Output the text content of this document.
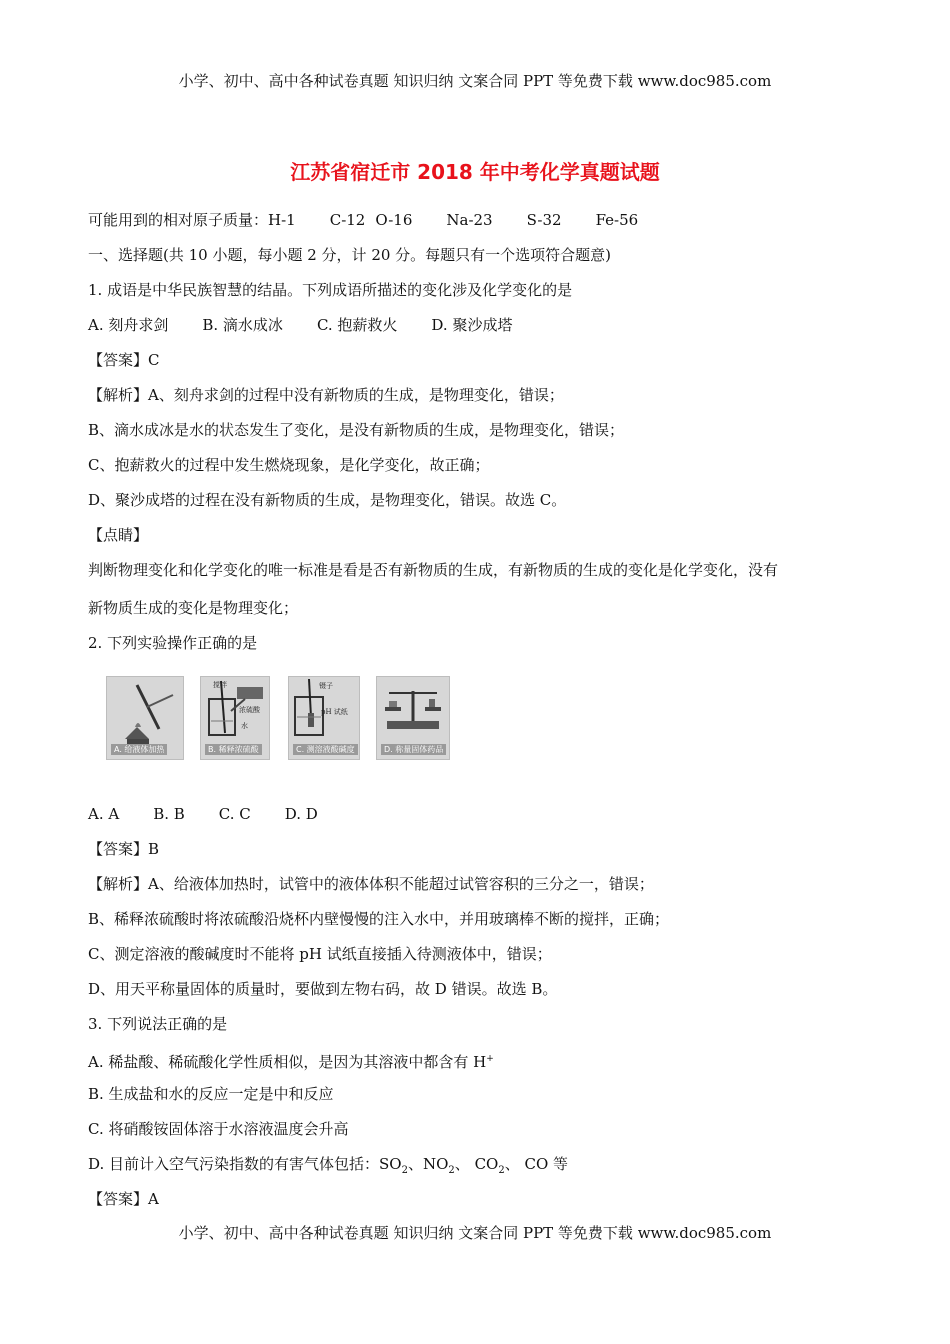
小学、初中、高中各种试卷真题 知识归纳 文案合同 PPT 等免费下载 www.doc985.com
江苏省宿迁市 2018 年中考化学真题试题
可能用到的相对原子质量：H-1 C-12 O-16 Na-23 S-32 Fe-56
一、选择题(共 10 小题，每小题 2 分，计 20 分。每题只有一个选项符合题意)
1. 成语是中华民族智慧的结晶。下列成语所描述的变化涉及化学变化的是
A. 刻舟求剑 B. 滴水成冰 C. 抱薪救火 D. 聚沙成塔
【答案】C
【解析】A、刻舟求剑的过程中没有新物质的生成，是物理变化，错误；
B、滴水成冰是水的状态发生了变化，是没有新物质的生成，是物理变化，错误；
C、抱薪救火的过程中发生燃烧现象，是化学变化，故正确；
D、聚沙成塔的过程在没有新物质的生成，是物理变化，错误。故选 C。
【点睛】
判断物理变化和化学变化的唯一标准是看是否有新物质的生成，有新物质的生成的变化是化学变化，没有
新物质生成的变化是物理变化；
2. 下列实验操作正确的是
A. 给液体加热
搅拌
浓硫酸
水
B. 稀释浓硫酸
镊子
pH 试纸
C. 测溶液酸碱度	D. 称量固体药品
A. A B. B C. C D. D
【答案】B
【解析】A、给液体加热时，试管中的液体体积不能超过试管容积的三分之一，错误；
B、稀释浓硫酸时将浓硫酸沿烧杯内壁慢慢的注入水中，并用玻璃棒不断的搅拌，正确；
C、测定溶液的酸碱度时不能将 pH 试纸直接插入待测液体中，错误；
D、用天平称量固体的质量时，要做到左物右码，故 D 错误。故选 B。
3. 下列说法正确的是
A. 稀盐酸、稀硫酸化学性质相似，是因为其溶液中都含有 H+
B. 生成盐和水的反应一定是中和反应
C. 将硝酸铵固体溶于水溶液温度会升高
D. 目前计入空气污染指数的有害气体包括：$SO_2$、$NO_2$、 $CO_2$、 CO 等
【答案】A
小学、初中、高中各种试卷真题 知识归纳 文案合同 PPT 等免费下载 www.doc985.com
